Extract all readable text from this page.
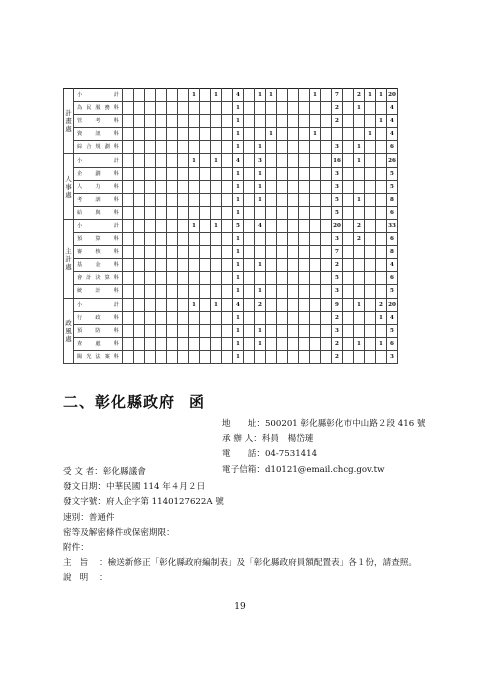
計畫處	小　　計							1		1		4		1	1				1		7		2	1	1	20
	為民服務科											1									2		1			4
	管　考　科											1									2				1	4
	資　訊　科											1			1				1					1		4
	綜合規劃科											1		1							3		1			6
人事處	小　　計							1		1		4		3							16		1			26
	企　劃　科											1		1							3					5
	人　力　科											1		1							3					5
	考　訓　科											1		1							5		1			8
	給　與　科											1									5					6
主計處	小　　計							1		1		5		4							20		2			33
	預　算　科											1									3		2			6
	審　核　科											1									7					8
	基　金　科											1		1							2					4
	會計決算科											1									5					6
	統　計　科											1		1							3					5
政風處	小　　計							1		1		4		2							9		1		2	20
	行　政　科											1									2				1	4
	預　防　科											1		1							3					5
	查　處　科											1		1							2		1		1	6
	陽光法案科											1									2					3
二、彰化縣政府 函
地　　址：500201 彰化縣彰化市中山路２段 416 號
承 辦 人：科員　楊岱璉
電　　話：04-7531414
電子信箱：d10121@email.chcg.gov.tw
受 文 者：彰化縣議會
發文日期：中華民國 114 年４月２日
發文字號：府人企字第 1140127622A 號
速別：普通件
密等及解密條件或保密期限：
附件：
主旨 ：檢送新修正「彰化縣政府編制表」及「彰化縣政府員額配置表」各１份，請查照。
說明 ：
19
